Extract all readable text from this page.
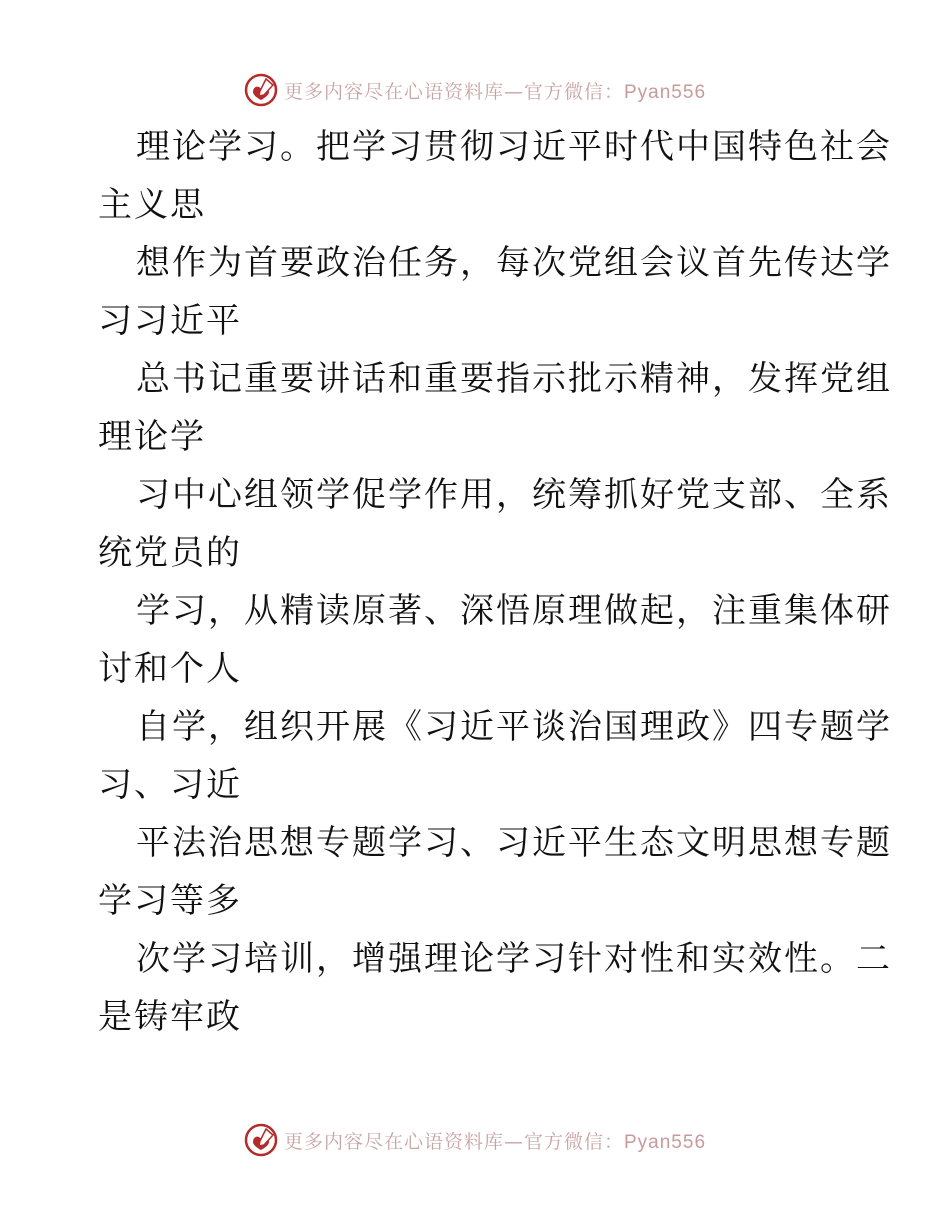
更多内容尽在心语资料库—官方微信：Pyan556
理论学习。把学习贯彻习近平时代中国特色社会
主义思
想作为首要政治任务，每次党组会议首先传达学
习习近平
总书记重要讲话和重要指示批示精神，发挥党组
理论学
习中心组领学促学作用，统筹抓好党支部、全系
统党员的
学习，从精读原著、深悟原理做起，注重集体研
讨和个人
自学，组织开展《习近平谈治国理政》四专题学
习、习近
平法治思想专题学习、习近平生态文明思想专题
学习等多
次学习培训，增强理论学习针对性和实效性。二
是铸牢政
更多内容尽在心语资料库—官方微信：Pyan556
